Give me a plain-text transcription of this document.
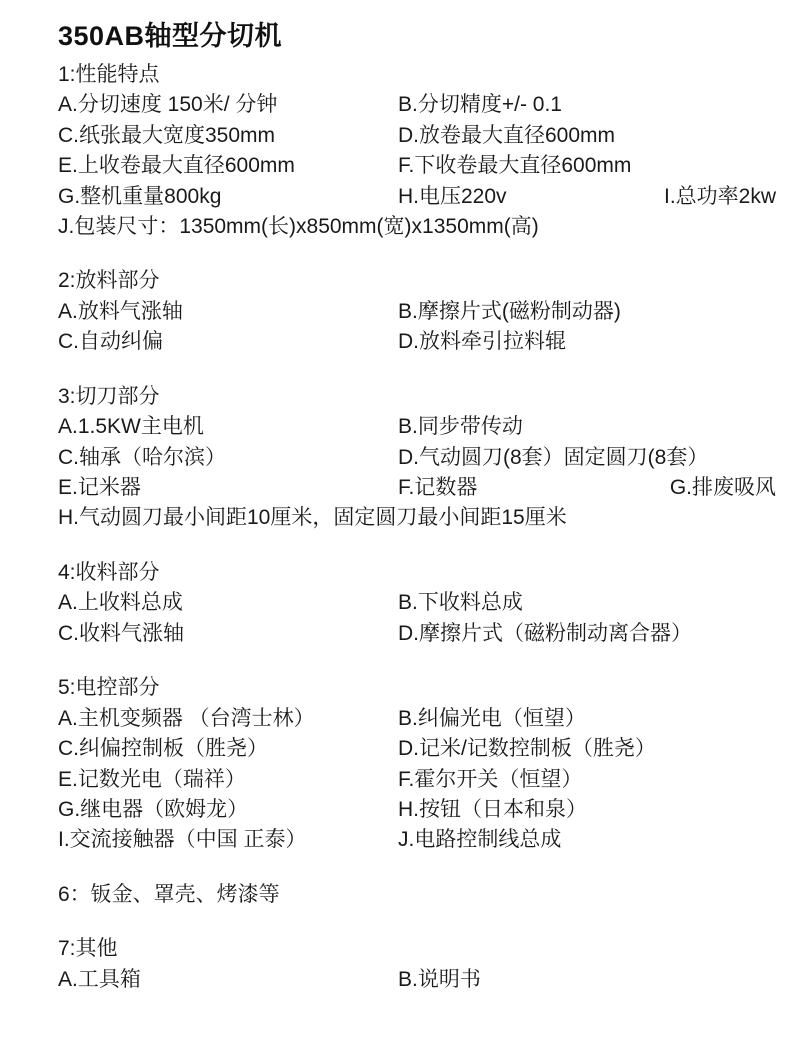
350AB轴型分切机
1:性能特点
A.分切速度 150米/ 分钟	B.分切精度+/- 0.1
C.纸张最大宽度350mm	D.放卷最大直径600mm
E.上收卷最大直径600mm	F.下收卷最大直径600mm
G.整机重量800kg	H.电压220v	I.总功率2kw
J.包装尺寸：1350mm(长)x850mm(宽)x1350mm(高)
2:放料部分
A.放料气涨轴	B.摩擦片式(磁粉制动器)
C.自动纠偏	D.放料牵引拉料辊
3:切刀部分
A.1.5KW主电机	B.同步带传动
C.轴承（哈尔滨）	D.气动圆刀(8套）固定圆刀(8套）
E.记米器	F.记数器	G.排废吸风
H.气动圆刀最小间距10厘米，固定圆刀最小间距15厘米
4:收料部分
A.上收料总成	B.下收料总成
C.收料气涨轴	D.摩擦片式（磁粉制动离合器）
5:电控部分
A.主机变频器 （台湾士林）	B.纠偏光电（恒望）
C.纠偏控制板（胜尧）	D.记米/记数控制板（胜尧）
E.记数光电（瑞祥）	F.霍尔开关（恒望）
G.继电器（欧姆龙）	H.按钮（日本和泉）
I.交流接触器（中国 正泰）	J.电路控制线总成
6：钣金、罩壳、烤漆等
7:其他
A.工具箱	B.说明书
